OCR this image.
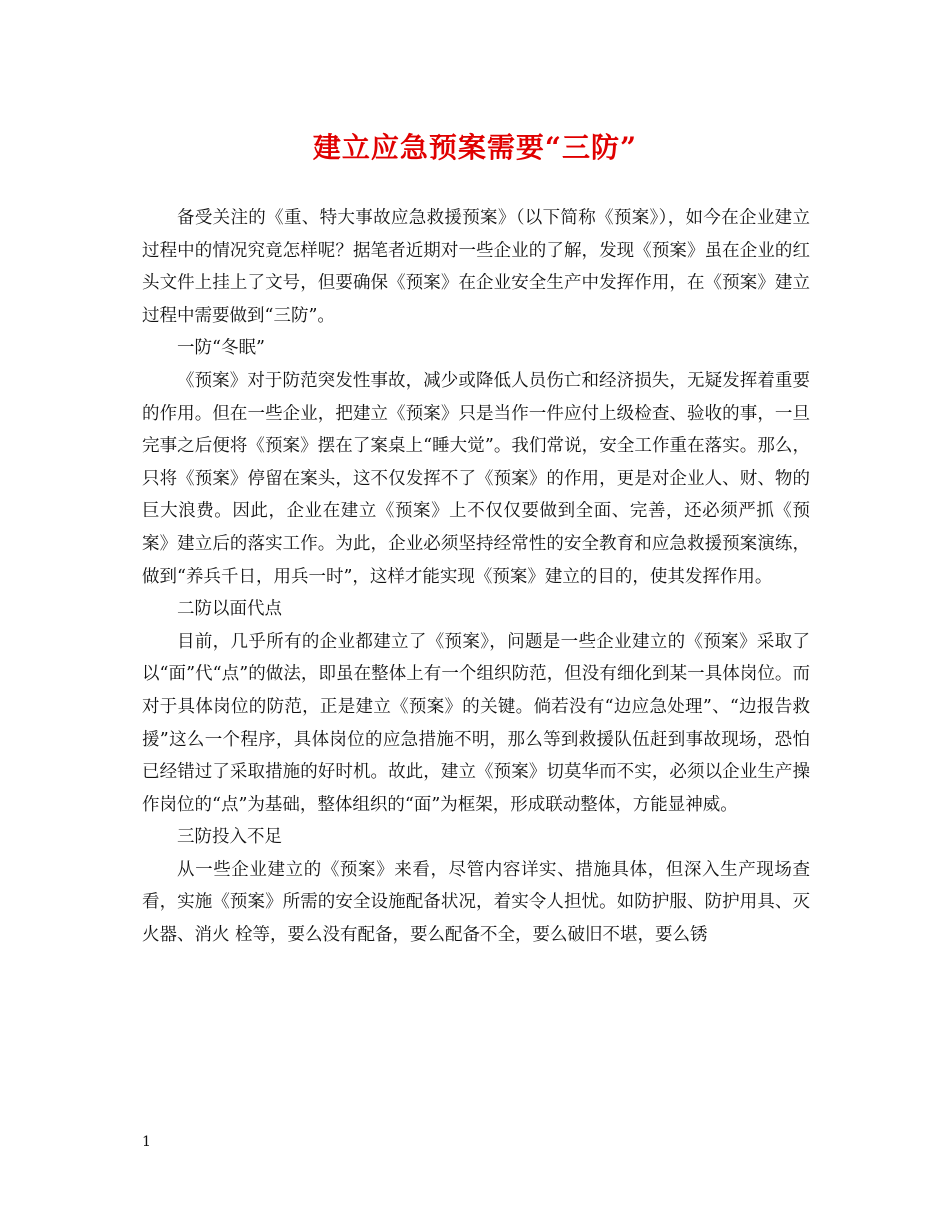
建立应急预案需要“三防”

备受关注的《重、特大事故应急救援预案》（以下简称《预案》），如今在企业建立过程中的情况究竟怎样呢？据笔者近期对一些企业的了解，发现《预案》虽在企业的红头文件上挂上了文号，但要确保《预案》在企业安全生产中发挥作用，在《预案》建立过程中需要做到“三防”。

一防“冬眠”

《预案》对于防范突发性事故，减少或降低人员伤亡和经济损失，无疑发挥着重要的作用。但在一些企业，把建立《预案》只是当作一件应付上级检查、验收的事，一旦完事之后便将《预案》摆在了案桌上“睡大觉”。我们常说，安全工作重在落实。那么，只将《预案》停留在案头，这不仅发挥不了《预案》的作用，更是对企业人、财、物的巨大浪费。因此，企业在建立《预案》上不仅仅要做到全面、完善，还必须严抓《预案》建立后的落实工作。为此，企业必须坚持经常性的安全教育和应急救援预案演练，做到“养兵千日，用兵一时”，这样才能实现《预案》建立的目的，使其发挥作用。

二防以面代点

目前，几乎所有的企业都建立了《预案》，问题是一些企业建立的《预案》采取了以“面”代“点”的做法，即虽在整体上有一个组织防范，但没有细化到某一具体岗位。而对于具体岗位的防范，正是建立《预案》的关键。倘若没有“边应急处理”、“边报告救援”这么一个程序，具体岗位的应急措施不明，那么等到救援队伍赶到事故现场，恐怕已经错过了采取措施的好时机。故此，建立《预案》切莫华而不实，必须以企业生产操作岗位的“点”为基础，整体组织的“面”为框架，形成联动整体，方能显神威。

三防投入不足

从一些企业建立的《预案》来看，尽管内容详实、措施具体，但深入生产现场查看，实施《预案》所需的安全设施配备状况，着实令人担忧。如防护服、防护用具、灭火器、消火 栓等，要么没有配备，要么配备不全，要么破旧不堪，要么锈

1
